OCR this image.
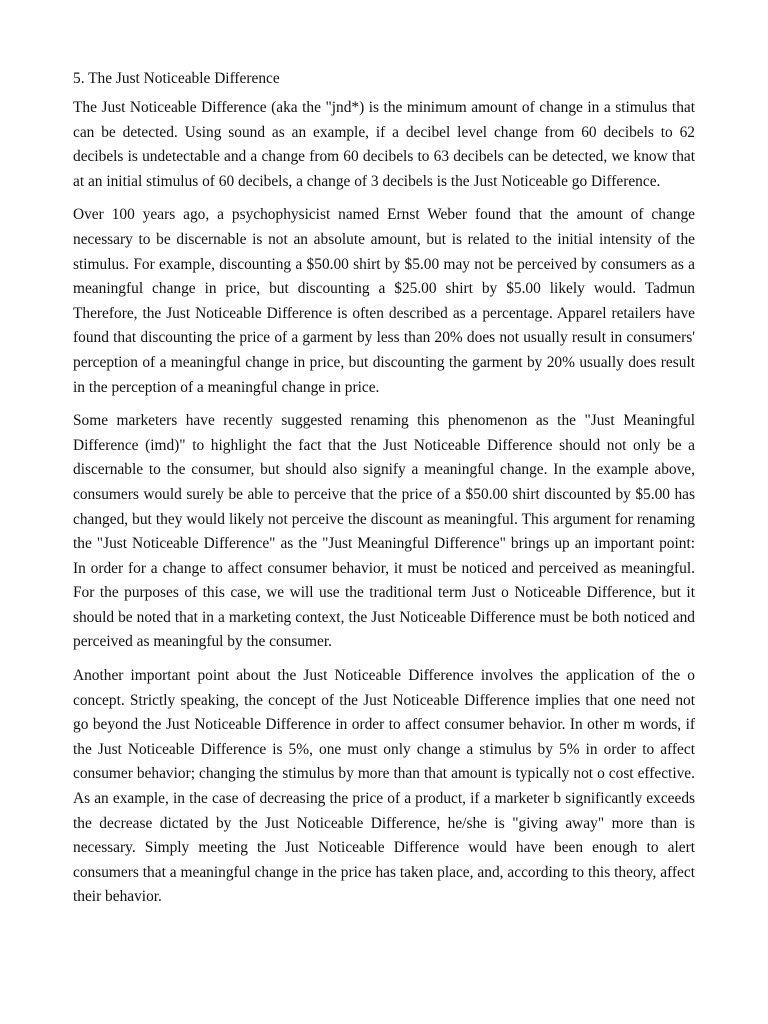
5. The Just Noticeable Difference

The Just Noticeable Difference (aka the "jnd*) is the minimum amount of change in a stimulus that can be detected. Using sound as an example, if a decibel level change from 60 decibels to 62 decibels is undetectable and a change from 60 decibels to 63 decibels can be detected, we know that at an initial stimulus of 60 decibels, a change of 3 decibels is the Just Noticeable go Difference.

Over 100 years ago, a psychophysicist named Ernst Weber found that the amount of change necessary to be discernable is not an absolute amount, but is related to the initial intensity of the stimulus. For example, discounting a $50.00 shirt by $5.00 may not be perceived by consumers as a meaningful change in price, but discounting a $25.00 shirt by $5.00 likely would. Tadmun Therefore, the Just Noticeable Difference is often described as a percentage. Apparel retailers have found that discounting the price of a garment by less than 20% does not usually result in consumers' perception of a meaningful change in price, but discounting the garment by 20% usually does result in the perception of a meaningful change in price.

Some marketers have recently suggested renaming this phenomenon as the "Just Meaningful Difference (imd)" to highlight the fact that the Just Noticeable Difference should not only be a discernable to the consumer, but should also signify a meaningful change. In the example above, consumers would surely be able to perceive that the price of a $50.00 shirt discounted by $5.00 has changed, but they would likely not perceive the discount as meaningful. This argument for renaming the "Just Noticeable Difference" as the "Just Meaningful Difference" brings up an important point: In order for a change to affect consumer behavior, it must be noticed and perceived as meaningful. For the purposes of this case, we will use the traditional term Just o Noticeable Difference, but it should be noted that in a marketing context, the Just Noticeable Difference must be both noticed and perceived as meaningful by the consumer.

Another important point about the Just Noticeable Difference involves the application of the o concept. Strictly speaking, the concept of the Just Noticeable Difference implies that one need not go beyond the Just Noticeable Difference in order to affect consumer behavior. In other m words, if the Just Noticeable Difference is 5%, one must only change a stimulus by 5% in order to affect consumer behavior; changing the stimulus by more than that amount is typically not o cost effective. As an example, in the case of decreasing the price of a product, if a marketer b significantly exceeds the decrease dictated by the Just Noticeable Difference, he/she is "giving away" more than is necessary. Simply meeting the Just Noticeable Difference would have been enough to alert consumers that a meaningful change in the price has taken place, and, according to this theory, affect their behavior.
